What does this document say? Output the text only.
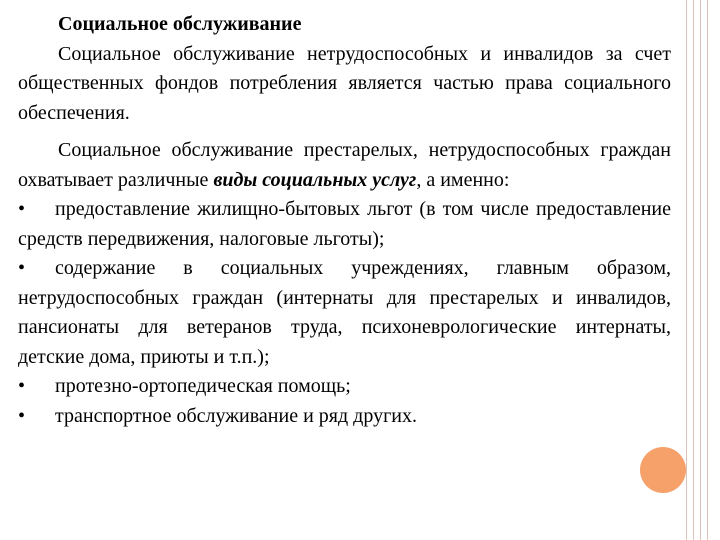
Социальное обслуживание

Социальное обслуживание нетрудоспособных и инвалидов за счет общественных фондов потребления является частью права социального обеспечения.

Социальное обслуживание престарелых, нетрудоспособных граждан охватывает различные виды социальных услуг, а именно:

• предоставление жилищно-бытовых льгот (в том числе предоставление средств передвижения, налоговые льготы);

• содержание в социальных учреждениях, главным образом, нетрудоспособных граждан (интернаты для престарелых и инвалидов, пансионаты для ветеранов труда, психоневрологические интернаты, детские дома, приюты и т.п.);

• протезно-ортопедическая помощь;

• транспортное обслуживание и ряд других.
